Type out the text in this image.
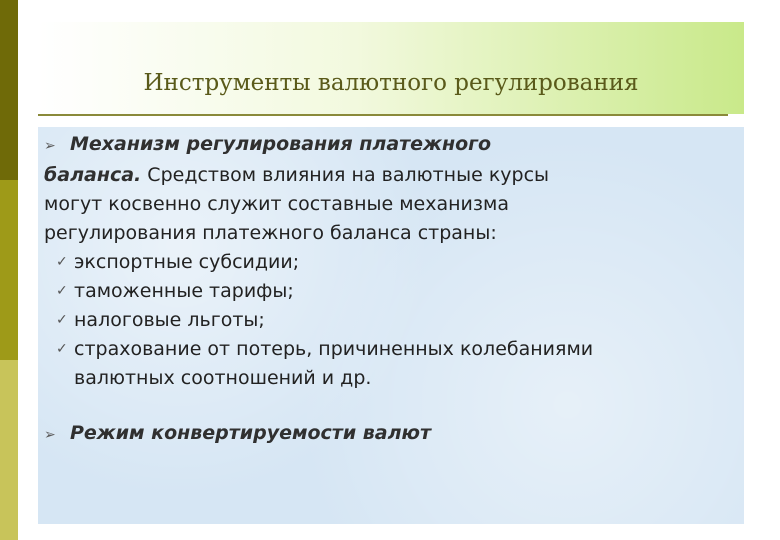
Инструменты валютного регулирования
➢ Механизм регулирования платежного
баланса. Средством влияния на валютные курсы
могут косвенно служит составные механизма
регулирования платежного баланса страны:
✓ экспортные субсидии;
✓ таможенные тарифы;
✓ налоговые льготы;
✓ страхование от потерь, причиненных колебаниями
валютных соотношений и др.
➢ Режим конвертируемости валют
